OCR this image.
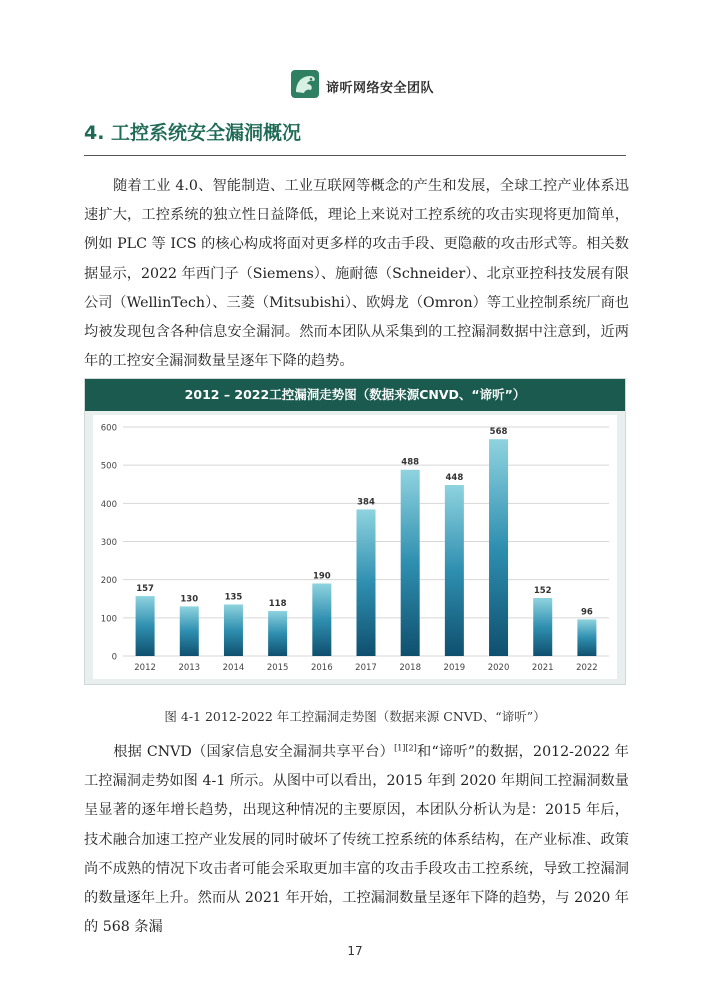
谛听网络安全团队
4. 工控系统安全漏洞概况

随着工业 4.0、智能制造、工业互联网等概念的产生和发展，全球工控产业体系迅速扩大，工控系统的独立性日益降低，理论上来说对工控系统的攻击实现将更加简单，例如 PLC 等 ICS 的核心构成将面对更多样的攻击手段、更隐蔽的攻击形式等。相关数据显示，2022 年西门子（Siemens）、施耐德（Schneider）、北京亚控科技发展有限公司（WellinTech）、三菱（Mitsubishi）、欧姆龙（Omron）等工业控制系统厂商也均被发现包含各种信息安全漏洞。然而本团队从采集到的工控漏洞数据中注意到，近两年的工控安全漏洞数量呈逐年下降的趋势。

2012 – 2022工控漏洞走势图（数据来源CNVD、“谛听”）
0
100
200
300
400
500
600
157
2012
130
2013
135
2014
118
2015
190
2016
384
2017
488
2018
448
2019
568
2020
152
2021
96
2022
图 4-1 2012-2022 年工控漏洞走势图（数据来源 CNVD、“谛听”）

根据 CNVD（国家信息安全漏洞共享平台）[1][2]和“谛听”的数据，2012-2022 年工控漏洞走势如图 4-1 所示。从图中可以看出，2015 年到 2020 年期间工控漏洞数量呈显著的逐年增长趋势，出现这种情况的主要原因，本团队分析认为是：2015 年后，技术融合加速工控产业发展的同时破坏了传统工控系统的体系结构，在产业标准、政策尚不成熟的情况下攻击者可能会采取更加丰富的攻击手段攻击工控系统，导致工控漏洞的数量逐年上升。然而从 2021 年开始，工控漏洞数量呈逐年下降的趋势，与 2020 年的 568 条漏

17
